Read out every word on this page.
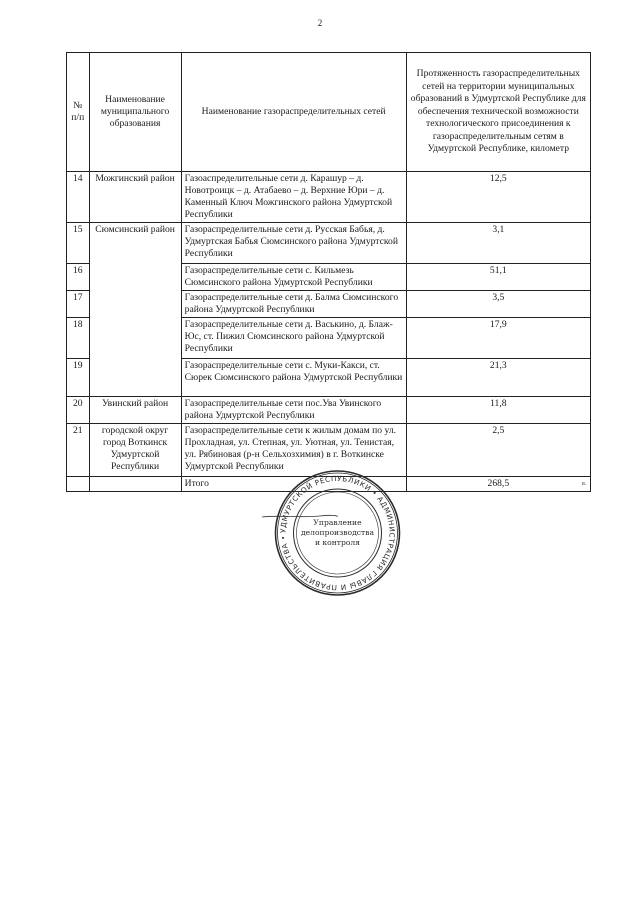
2
№ п/п	Наименование муниципального образования	Наименование газораспределительных сетей	Протяженность газораспределительных сетей на территории муниципальных образований в Удмуртской Республике для обеспечения технической возможности технологического присоединения к газораспределительным сетям в Удмуртской Республике, километр
14	Можгинский район	Газоаспределительные сети д. Карашур – д. Новотроицк – д. Атабаево – д. Верхние Юри – д. Каменный Ключ Можгинского района Удмуртской Республики	12,5
15	Сюмсинский район	Газораспределительные сети д. Русская Бабья, д. Удмуртская Бабья Сюмсинского района Удмуртской Республики	3,1
16		Газораспределительные сети с. Кильмезь Сюмсинского района Удмуртской Республики	51,1
17		Газораспределительные сети д. Балма Сюмсинского района Удмуртской Республики	3,5
18		Газораспределительные сети д. Васькино, д. Блаж-Юс, ст. Пижил Сюмсинского района Удмуртской Республики	17,9
19		Газораспределительные сети с. Муки-Какси, ст. Сюрек Сюмсинского района Удмуртской Республики	21,3
20	Увинский район	Газораспределительные сети пос.Ува Увинского района Удмуртской Республики	11,8
21	городской округ город Воткинск Удмуртской Республики	Газораспределительные сети к жилым домам по ул. Прохладная, ул. Степная, ул. Уютная, ул. Тенистая, ул. Рябиновая (р-н Сельхозхимия) в г. Воткинске Удмуртской Республики	2,5
		Итого	268,5
УДМУРТСКОЙ РЕСПУБЛИКИ • АДМИНИСТРАЦИЯ ГЛАВЫ И ПРАВИТЕЛЬСТВА •
Управление
делопроизводства
и контроля
в.
